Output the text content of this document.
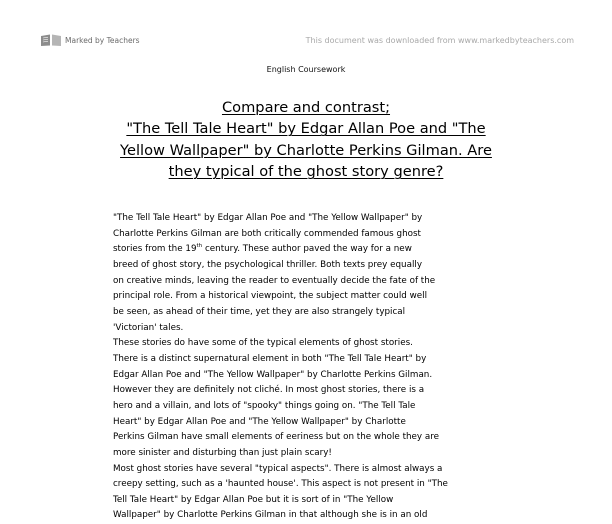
Marked by Teachers	This document was downloaded from www.markedbyteachers.com
English Coursework
Compare and contrast;
"The Tell Tale Heart" by Edgar Allan Poe and "The
Yellow Wallpaper" by Charlotte Perkins Gilman. Are
they typical of the ghost story genre?
"The Tell Tale Heart" by Edgar Allan Poe and "The Yellow Wallpaper" by
Charlotte Perkins Gilman are both critically commended famous ghost
stories from the 19th century. These author paved the way for a new
breed of ghost story, the psychological thriller. Both texts prey equally
on creative minds, leaving the reader to eventually decide the fate of the
principal role. From a historical viewpoint, the subject matter could well
be seen, as ahead of their time, yet they are also strangely typical
'Victorian' tales.
These stories do have some of the typical elements of ghost stories.
There is a distinct supernatural element in both "The Tell Tale Heart" by
Edgar Allan Poe and "The Yellow Wallpaper" by Charlotte Perkins Gilman.
However they are definitely not cliché. In most ghost stories, there is a
hero and a villain, and lots of "spooky" things going on. "The Tell Tale
Heart" by Edgar Allan Poe and "The Yellow Wallpaper" by Charlotte
Perkins Gilman have small elements of eeriness but on the whole they are
more sinister and disturbing than just plain scary!
Most ghost stories have several "typical aspects". There is almost always a
creepy setting, such as a 'haunted house'. This aspect is not present in "The
Tell Tale Heart" by Edgar Allan Poe but it is sort of in "The Yellow
Wallpaper" by Charlotte Perkins Gilman in that although she is in an old
